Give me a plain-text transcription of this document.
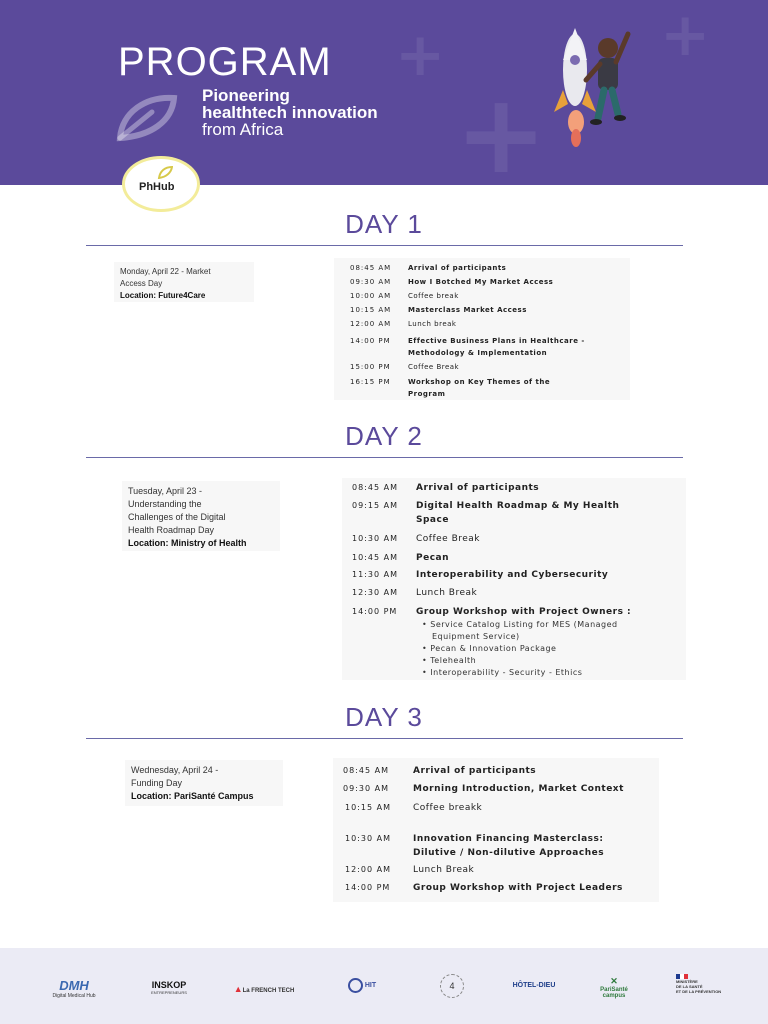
+
+
+
PROGRAM
Pioneering
healthtech innovation
from Africa
PhHub
DAY 1
Monday, April 22 - Market
Access Day
Location: Future4Care
08:45 AM Arrival of participants
09:30 AM How I Botched My Market Access
10:00 AM Coffee break
10:15 AM Masterclass Market Access
12:00 AM Lunch break
14:00 PM Effective Business Plans in Healthcare -
Methodology & Implementation
15:00 PM Coffee Break
16:15 PM Workshop on Key Themes of the
Program
DAY 2
Tuesday, April 23 -
Understanding the
Challenges of the Digital
Health Roadmap Day
Location: Ministry of Health
08:45 AM Arrival of participants
09:15 AM Digital Health Roadmap & My Health
Space
10:30 AM Coffee Break
10:45 AM Pecan
11:30 AM Interoperability and Cybersecurity
12:30 AM Lunch Break
14:00 PM Group Workshop with Project Owners :
• Service Catalog Listing for MES (Managed
Equipment Service)
• Pecan & Innovation Package
• Telehealth
• Interoperability - Security - Ethics
DAY 3
Wednesday, April 24 -
Funding Day
Location: PariSanté Campus
08:45 AM	Arrival of participants
09:30 AM	Morning Introduction, Market Context
10:15 AM Coffee breakk
10:30 AM Innovation Financing Masterclass:
Dilutive / Non-dilutive Approaches
12:00 AM Lunch Break
14:00 PM	Group Workshop with Project Leaders
DMH
Digital Medical Hub
INSKOP
ENTREPRENEURS	▲La FRENCH TECH
HIT	4	HÔTEL-DIEU	✕
PariSanté
campus
MINISTÈRE
DE LA SANTÉ
ET DE LA PRÉVENTION
